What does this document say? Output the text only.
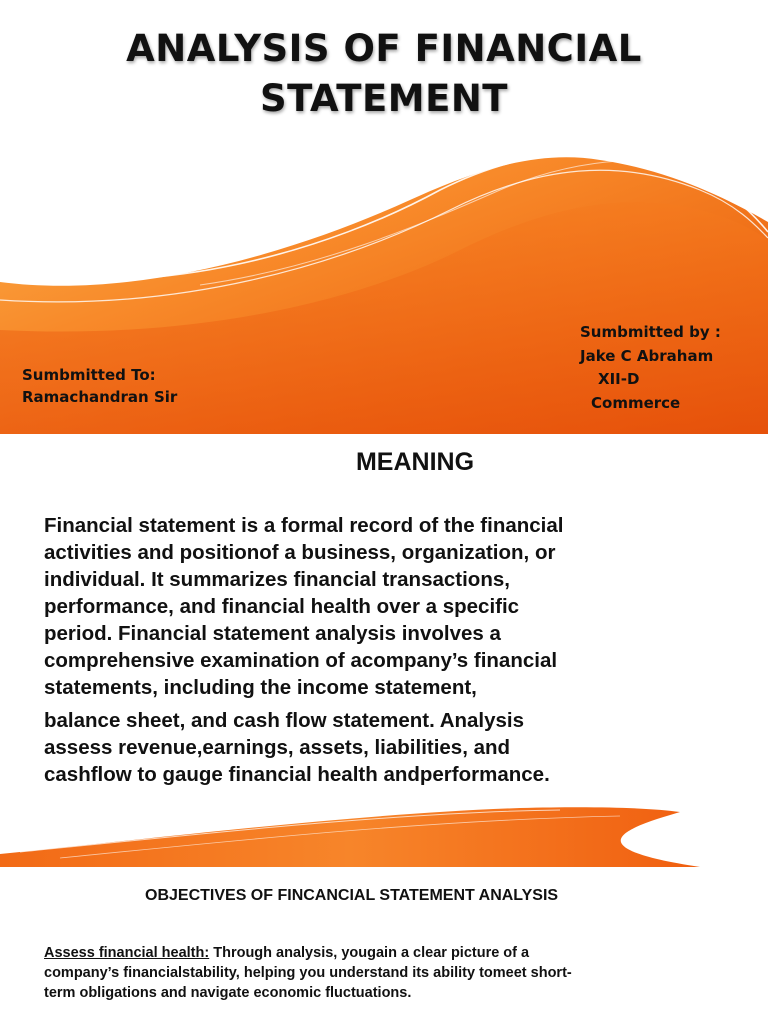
ANALYSIS OF FINANCIAL
STATEMENT
Sumbmitted To:
Ramachandran Sir
Sumbmitted by :
Jake C Abraham
XII-D
Commerce
MEANING
Financial statement is a formal record of the financial
activities and positionof a business, organization, or
individual. It summarizes financial transactions,
performance, and financial health over a specific
period. Financial statement analysis involves a
comprehensive examination of acompany’s financial
statements, including the income statement,
balance sheet, and cash flow statement. Analysis
assess revenue,earnings, assets, liabilities, and
cashflow to gauge financial health andperformance.
OBJECTIVES OF FINCANCIAL STATEMENT ANALYSIS
Assess financial health: Through analysis, yougain a clear picture of a
company’s financialstability, helping you understand its ability tomeet short-
term obligations and navigate economic fluctuations.
